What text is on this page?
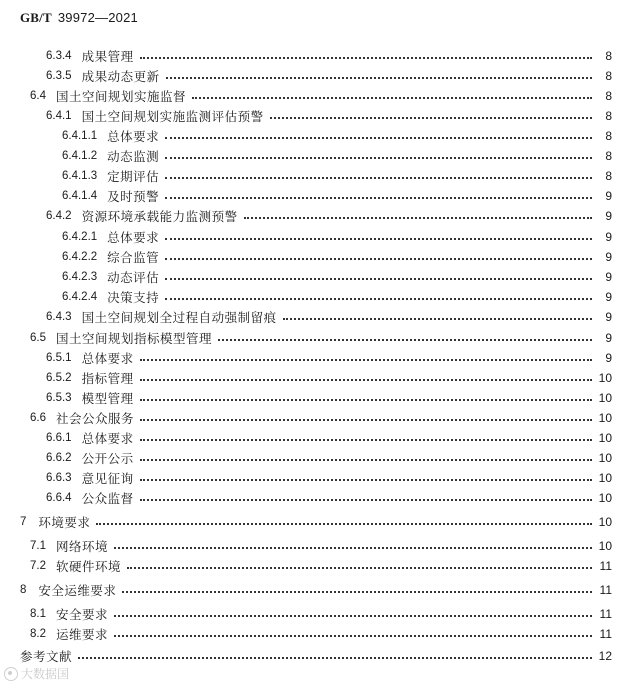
GB/T 39972—2021
6.3.4 成果管理	8
6.3.5 成果动态更新	8
6.4 国土空间规划实施监督	8
6.4.1 国土空间规划实施监测评估预警	8
6.4.1.1 总体要求	8
6.4.1.2 动态监测	8
6.4.1.3 定期评估	8
6.4.1.4 及时预警	9
6.4.2 资源环境承载能力监测预警	9
6.4.2.1 总体要求	9
6.4.2.2 综合监管	9
6.4.2.3 动态评估	9
6.4.2.4 决策支持	9
6.4.3 国土空间规划全过程自动强制留痕	9
6.5 国土空间规划指标模型管理	9
6.5.1 总体要求	9
6.5.2 指标管理	10
6.5.3 模型管理	10
6.6 社会公众服务	10
6.6.1 总体要求	10
6.6.2 公开公示	10
6.6.3 意见征询	10
6.6.4 公众监督	10
7 环境要求	10
7.1 网络环境	10
7.2 软硬件环境	11
8 安全运维要求	11
8.1 安全要求	11
8.2 运维要求	11
参考文献	12
大数据国
